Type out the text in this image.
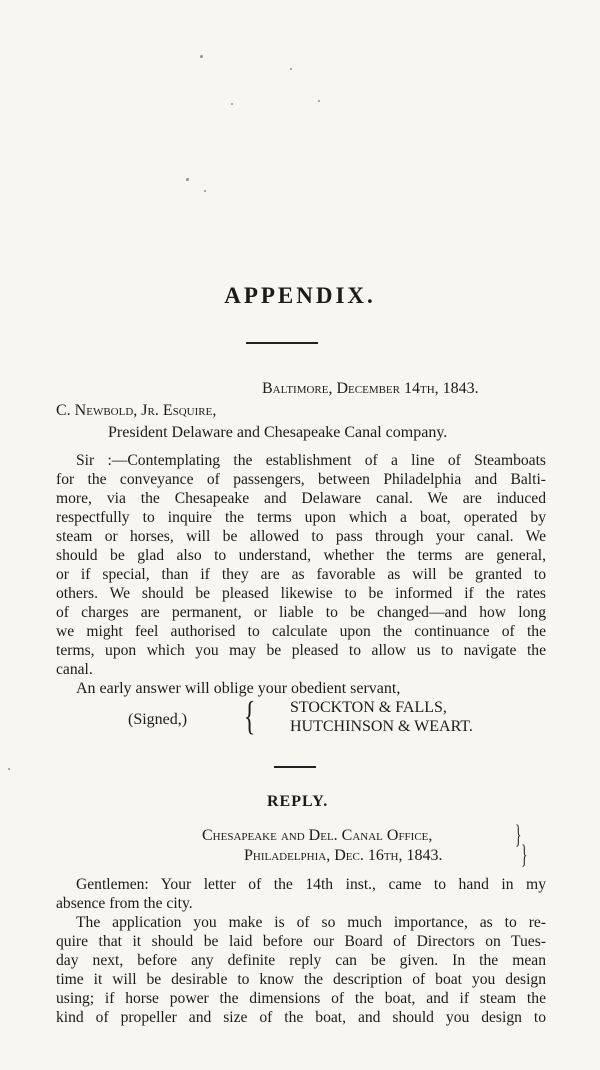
APPENDIX.
Baltimore, December 14th, 1843.
C. Newbold, Jr. Esquire,
President Delaware and Chesapeake Canal company.
Sir :—Contemplating the establishment of a line of Steamboats
for the conveyance of passengers, between Philadelphia and Balti-
more, via the Chesapeake and Delaware canal. We are induced
respectfully to inquire the terms upon which a boat, operated by
steam or horses, will be allowed to pass through your canal. We
should be glad also to understand, whether the terms are general,
or if special, than if they are as favorable as will be granted to
others. We should be pleased likewise to be informed if the rates
of charges are permanent, or liable to be changed—and how long
we might feel authorised to calculate upon the continuance of the
terms, upon which you may be pleased to allow us to navigate the
canal.
An early answer will oblige your obedient servant,
(Signed,) { STOCKTON & FALLS,
HUTCHINSON & WEART.
REPLY.
Chesapeake and Del. Canal Office,
Philadelphia, Dec. 16th, 1843.
}
}
Gentlemen: Your letter of the 14th inst., came to hand in my
absence from the city.
The application you make is of so much importance, as to re-
quire that it should be laid before our Board of Directors on Tues-
day next, before any definite reply can be given. In the mean
time it will be desirable to know the description of boat you design
using; if horse power the dimensions of the boat, and if steam the
kind of propeller and size of the boat, and should you design to
